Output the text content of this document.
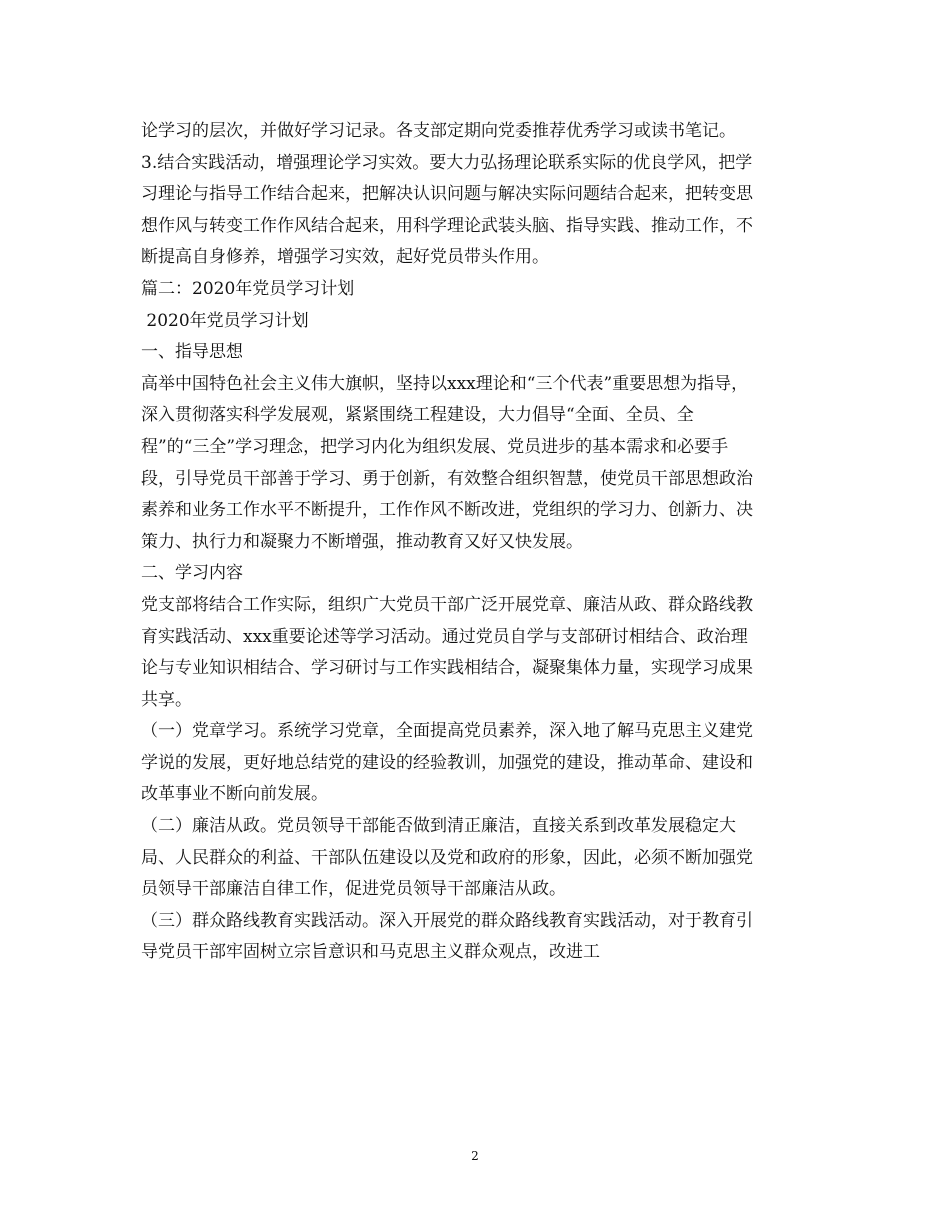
论学习的层次，并做好学习记录。各支部定期向党委推荐优秀学习或读书笔记。
3.结合实践活动，增强理论学习实效。要大力弘扬理论联系实际的优良学风，把学
习理论与指导工作结合起来，把解决认识问题与解决实际问题结合起来，把转变思
想作风与转变工作作风结合起来，用科学理论武装头脑、指导实践、推动工作，不
断提高自身修养，增强学习实效，起好党员带头作用。
篇二：2020年党员学习计划
2020年党员学习计划
一、指导思想
高举中国特色社会主义伟大旗帜，坚持以xxx理论和“三个代表”重要思想为指导，
深入贯彻落实科学发展观，紧紧围绕工程建设，大力倡导“全面、全员、全
程”的“三全”学习理念，把学习内化为组织发展、党员进步的基本需求和必要手
段，引导党员干部善于学习、勇于创新，有效整合组织智慧，使党员干部思想政治
素养和业务工作水平不断提升，工作作风不断改进，党组织的学习力、创新力、决
策力、执行力和凝聚力不断增强，推动教育又好又快发展。
二、学习内容
党支部将结合工作实际，组织广大党员干部广泛开展党章、廉洁从政、群众路线教
育实践活动、xxx重要论述等学习活动。通过党员自学与支部研讨相结合、政治理
论与专业知识相结合、学习研讨与工作实践相结合，凝聚集体力量，实现学习成果
共享。
（一）党章学习。系统学习党章，全面提高党员素养，深入地了解马克思主义建党
学说的发展，更好地总结党的建设的经验教训，加强党的建设，推动革命、建设和
改革事业不断向前发展。
（二）廉洁从政。党员领导干部能否做到清正廉洁，直接关系到改革发展稳定大
局、人民群众的利益、干部队伍建设以及党和政府的形象，因此，必须不断加强党
员领导干部廉洁自律工作，促进党员领导干部廉洁从政。
（三）群众路线教育实践活动。深入开展党的群众路线教育实践活动，对于教育引
导党员干部牢固树立宗旨意识和马克思主义群众观点，改进工
2
